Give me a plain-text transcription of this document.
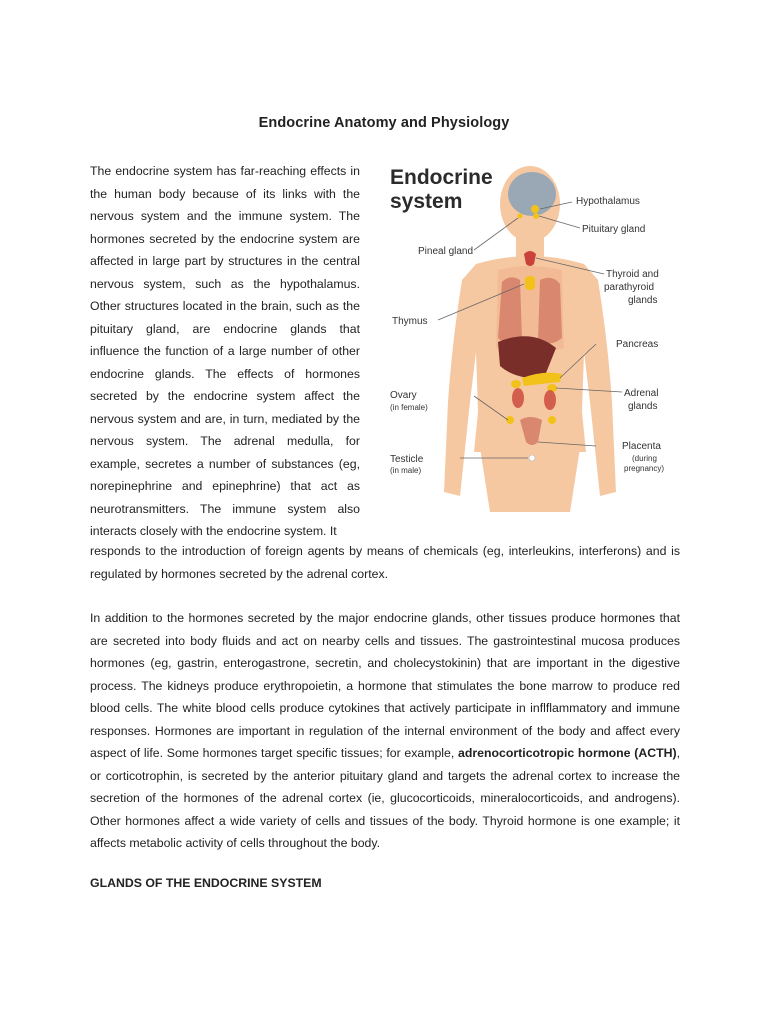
Endocrine Anatomy and Physiology

The endocrine system has far-reaching effects in the human body because of its links with the nervous system and the immune system. The hormones secreted by the endocrine system are affected in large part by structures in the central nervous system, such as the hypothalamus. Other structures located in the brain, such as the pituitary gland, are endocrine glands that influence the function of a large number of other endocrine glands. The effects of hormones secreted by the endocrine system affect the nervous system and are, in turn, mediated by the nervous system. The adrenal medulla, for example, secretes a number of substances (eg, norepinephrine and epinephrine) that act as neurotransmitters. The immune system also interacts closely with the endocrine system. It

Endocrine
system	Hypothalamus
Pituitary gland
Pineal gland
Thyroid and
parathyroid
glands
Thymus
Pancreas
Ovary
(in female)
Adrenal
glands
Testicle
(in male)
Placenta
(during
pregnancy)

responds to the introduction of foreign agents by means of chemicals (eg, interleukins, interferons) and is regulated by hormones secreted by the adrenal cortex.

In addition to the hormones secreted by the major endocrine glands, other tissues produce hormones that are secreted into body fluids and act on nearby cells and tissues. The gastrointestinal mucosa produces hormones (eg, gastrin, enterogastrone, secretin, and cholecystokinin) that are important in the digestive process. The kidneys produce erythropoietin, a hormone that stimulates the bone marrow to produce red blood cells. The white blood cells produce cytokines that actively participate in inflflammatory and immune responses. Hormones are important in regulation of the internal environment of the body and affect every aspect of life. Some hormones target specific tissues; for example, adrenocorticotropic hormone (ACTH), or corticotrophin, is secreted by the anterior pituitary gland and targets the adrenal cortex to increase the secretion of the hormones of the adrenal cortex (ie, glucocorticoids, mineralocorticoids, and androgens). Other hormones affect a wide variety of cells and tissues of the body. Thyroid hormone is one example; it affects metabolic activity of cells throughout the body.

GLANDS OF THE ENDOCRINE SYSTEM
